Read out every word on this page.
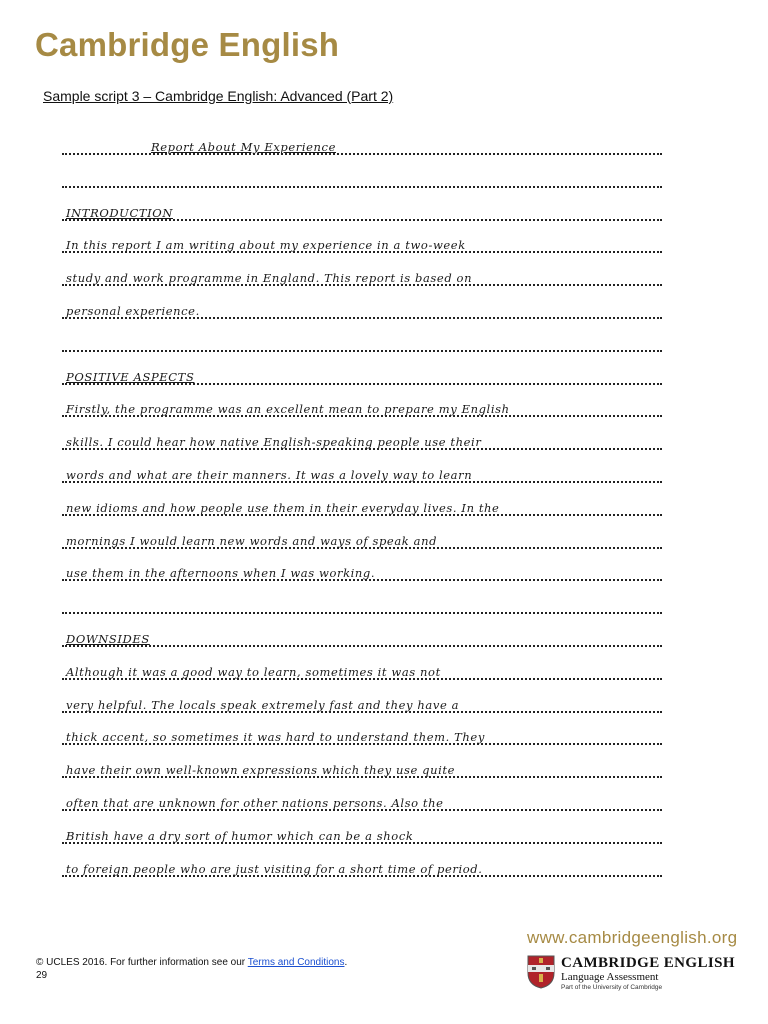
Cambridge English
Sample script 3 – Cambridge English: Advanced (Part 2)
Report About My Experience
INTRODUCTION
In this report I am writing about my experience in a two-week
study and work programme in England. This report is based on
personal experience.
POSITIVE ASPECTS
Firstly, the programme was an excellent mean to prepare my English
skills. I could hear how native English-speaking people use their
words and what are their manners. It was a lovely way to learn
new idioms and how people use them in their everyday lives. In the
mornings I would learn new words and ways of speak and
use them in the afternoons when I was working.
DOWNSIDES
Although it was a good way to learn, sometimes it was not
very helpful. The locals speak extremely fast and they have a
thick accent, so sometimes it was hard to understand them. They
have their own well-known expressions which they use quite
often that are unknown for other nations persons. Also the
British have a dry sort of humor which can be a shock
to foreign people who are just visiting for a short time of period.
www.cambridgeenglish.org
© UCLES 2016. For further information see our Terms and Conditions.
29
CAMBRIDGE ENGLISH
Language Assessment
Part of the University of Cambridge
